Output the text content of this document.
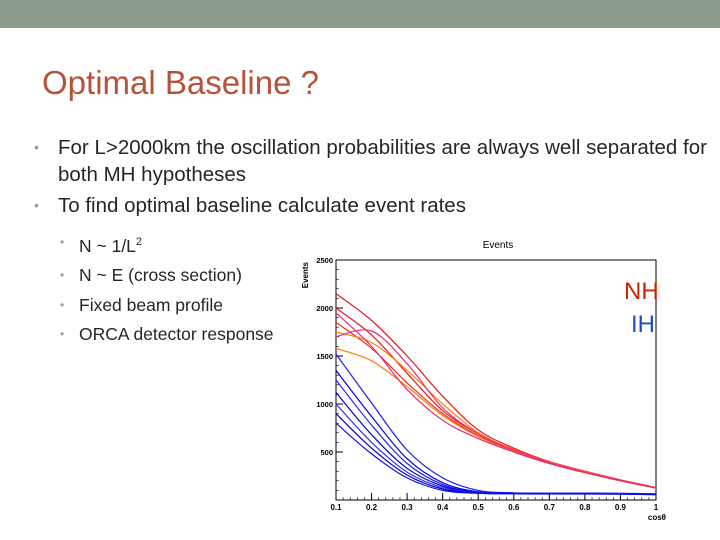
Optimal Baseline ?
• For L>2000km the oscillation probabilities are always well separated for both MH hypotheses
• To find optimal baseline calculate event rates
• N ~ $1/L^2$
• N ~ E (cross section)
• Fixed beam profile
• ORCA detector response
Events
Events
cosθ
0.1	0.2	0.3	0.4	0.5	0.6	0.7	0.8	0.9	1
500
1000
1500
2000
2500
NH
IH
